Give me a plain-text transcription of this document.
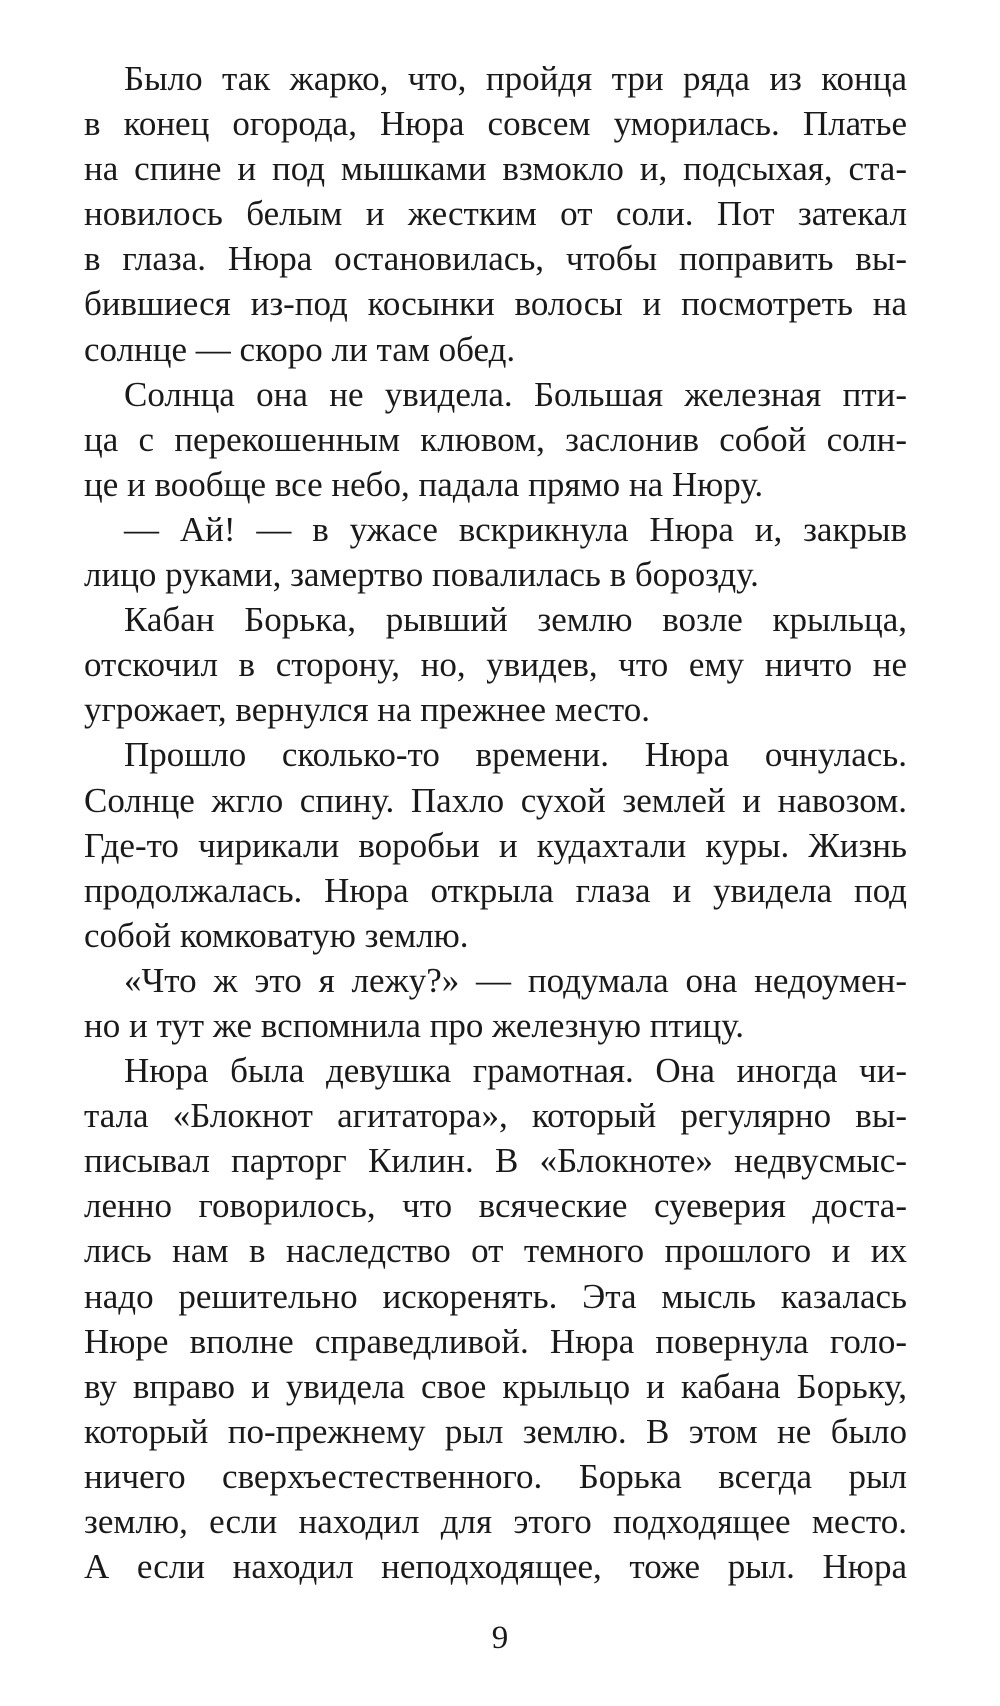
Было так жарко, что, пройдя три ряда из конца
в конец огорода, Нюра совсем уморилась. Платье
на спине и под мышками взмокло и, подсыхая, ста-
новилось белым и жестким от соли. Пот затекал
в глаза. Нюра остановилась, чтобы поправить вы-
бившиеся из-под косынки волосы и посмотреть на
солнце — скоро ли там обед.
Солнца она не увидела. Большая железная пти-
ца с перекошенным клювом, заслонив собой солн-
це и вообще все небо, падала прямо на Нюру.
— Ай! — в ужасе вскрикнула Нюра и, закрыв
лицо руками, замертво повалилась в борозду.
Кабан Борька, рывший землю возле крыльца,
отскочил в сторону, но, увидев, что ему ничто не
угрожает, вернулся на прежнее место.
Прошло сколько-то времени. Нюра очнулась.
Солнце жгло спину. Пахло сухой землей и навозом.
Где-то чирикали воробьи и кудахтали куры. Жизнь
продолжалась. Нюра открыла глаза и увидела под
собой комковатую землю.
«Что ж это я лежу?» — подумала она недоумен-
но и тут же вспомнила про железную птицу.
Нюра была девушка грамотная. Она иногда чи-
тала «Блокнот агитатора», который регулярно вы-
писывал парторг Килин. В «Блокноте» недвусмыс-
ленно говорилось, что всяческие суеверия доста-
лись нам в наследство от темного прошлого и их
надо решительно искоренять. Эта мысль казалась
Нюре вполне справедливой. Нюра повернула голо-
ву вправо и увидела свое крыльцо и кабана Борьку,
который по-прежнему рыл землю. В этом не было
ничего сверхъестественного. Борька всегда рыл
землю, если находил для этого подходящее место.
А если находил неподходящее, тоже рыл. Нюра
9
